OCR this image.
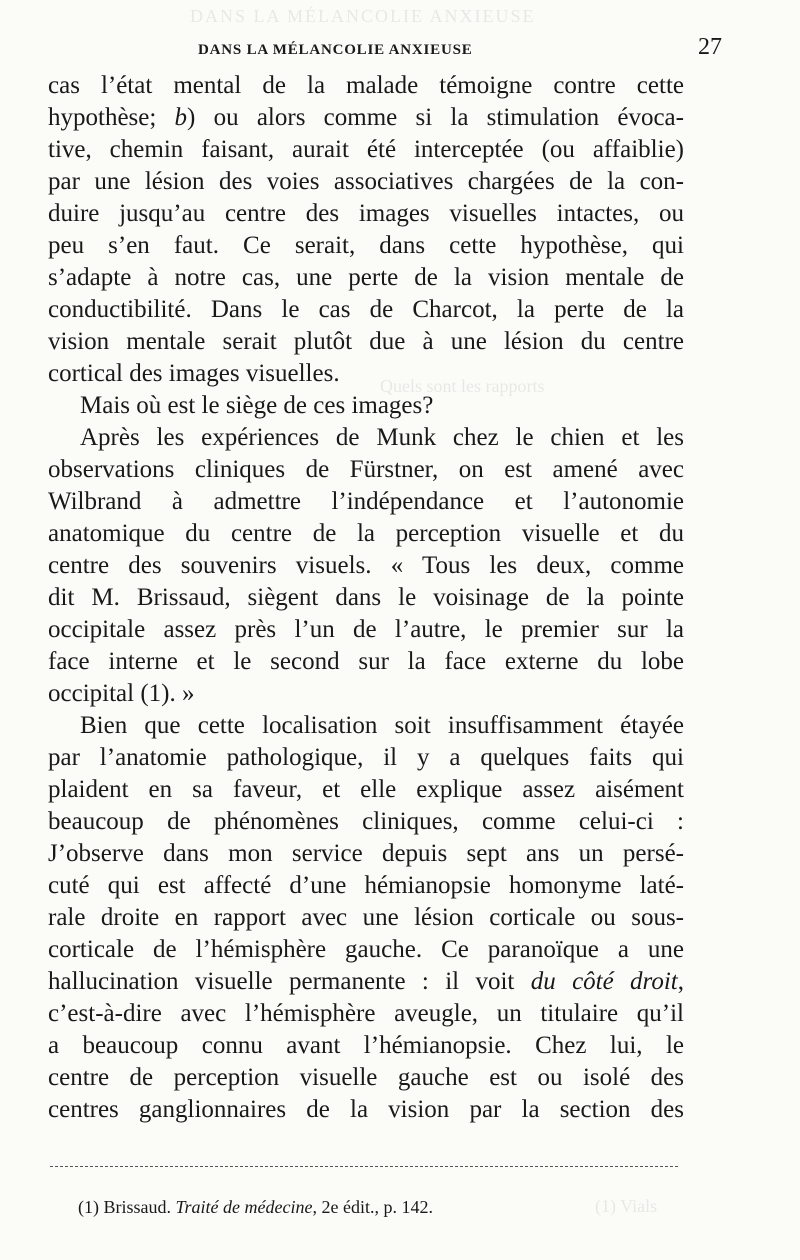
DANS LA MÉLANCOLIE ANXIEUSE
Quels sont les rapports
(1) Vials
DANS LA MÉLANCOLIE ANXIEUSE	27
cas l’état mental de la malade témoigne contre cette
hypothèse; b) ou alors comme si la stimulation évoca-
tive, chemin faisant, aurait été interceptée (ou affaiblie)
par une lésion des voies associatives chargées de la con-
duire jusqu’au centre des images visuelles intactes, ou
peu s’en faut. Ce serait, dans cette hypothèse, qui
s’adapte à notre cas, une perte de la vision mentale de
conductibilité. Dans le cas de Charcot, la perte de la
vision mentale serait plutôt due à une lésion du centre
cortical des images visuelles.
Mais où est le siège de ces images?
Après les expériences de Munk chez le chien et les
observations cliniques de Fürstner, on est amené avec
Wilbrand à admettre l’indépendance et l’autonomie
anatomique du centre de la perception visuelle et du
centre des souvenirs visuels. « Tous les deux, comme
dit M. Brissaud, siègent dans le voisinage de la pointe
occipitale assez près l’un de l’autre, le premier sur la
face interne et le second sur la face externe du lobe
occipital (1). »
Bien que cette localisation soit insuffisamment étayée
par l’anatomie pathologique, il y a quelques faits qui
plaident en sa faveur, et elle explique assez aisément
beaucoup de phénomènes cliniques, comme celui-ci :
J’observe dans mon service depuis sept ans un persé-
cuté qui est affecté d’une hémianopsie homonyme laté-
rale droite en rapport avec une lésion corticale ou sous-
corticale de l’hémisphère gauche. Ce paranoïque a une
hallucination visuelle permanente : il voit du côté droit,
c’est-à-dire avec l’hémisphère aveugle, un titulaire qu’il
a beaucoup connu avant l’hémianopsie. Chez lui, le
centre de perception visuelle gauche est ou isolé des
centres ganglionnaires de la vision par la section des
(1) Brissaud. Traité de médecine, 2e édit., p. 142.
